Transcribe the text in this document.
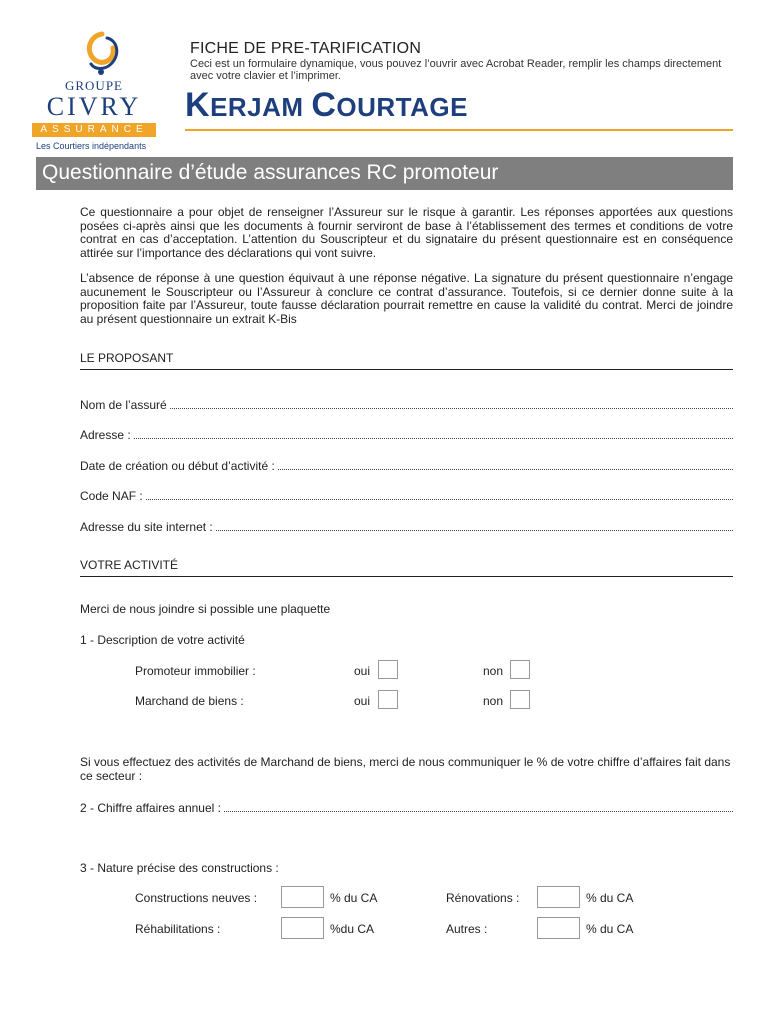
GROUPE
CIVRY
ASSURANCE
Les Courtiers indépendants
FICHE DE PRE-TARIFICATION
Ceci est un formulaire dynamique, vous pouvez l’ouvrir avec Acrobat Reader, remplir les champs directement avec votre clavier et l’imprimer.
KERJAM COURTAGE
Questionnaire d’étude assurances RC promoteur
Ce questionnaire a pour objet de renseigner l’Assureur sur le risque à garantir. Les réponses apportées aux questions posées ci-après ainsi que les documents à fournir serviront de base à l’établissement des termes et conditions de votre contrat en cas d’acceptation. L’attention du Souscripteur et du signataire du présent questionnaire est en conséquence attirée sur l’importance des déclarations qui vont suivre.
L’absence de réponse à une question équivaut à une réponse négative. La signature du présent questionnaire n’engage aucunement le Souscripteur ou l’Assureur à conclure ce contrat d’assurance. Toutefois, si ce dernier donne suite à la proposition faite par l’Assureur, toute fausse déclaration pourrait remettre en cause la validité du contrat. Merci de joindre au présent questionnaire un extrait K-Bis
LE PROPOSANT
Nom de l’assuré
Adresse :
Date de création ou début d’activité :
Code NAF :
Adresse du site internet :
VOTRE ACTIVITÉ
Merci de nous joindre si possible une plaquette
1 - Description de votre activité
Promoteur immobilier :	oui	non
Marchand de biens :	oui	non
Si vous effectuez des activités de Marchand de biens, merci de nous communiquer le % de votre chiffre d’affaires fait dans ce secteur :
2 - Chiffre affaires annuel :
3 - Nature précise des constructions :
Constructions neuves :	% du CA	Rénovations :	% du CA
Réhabilitations :	%du CA	Autres :	% du CA
